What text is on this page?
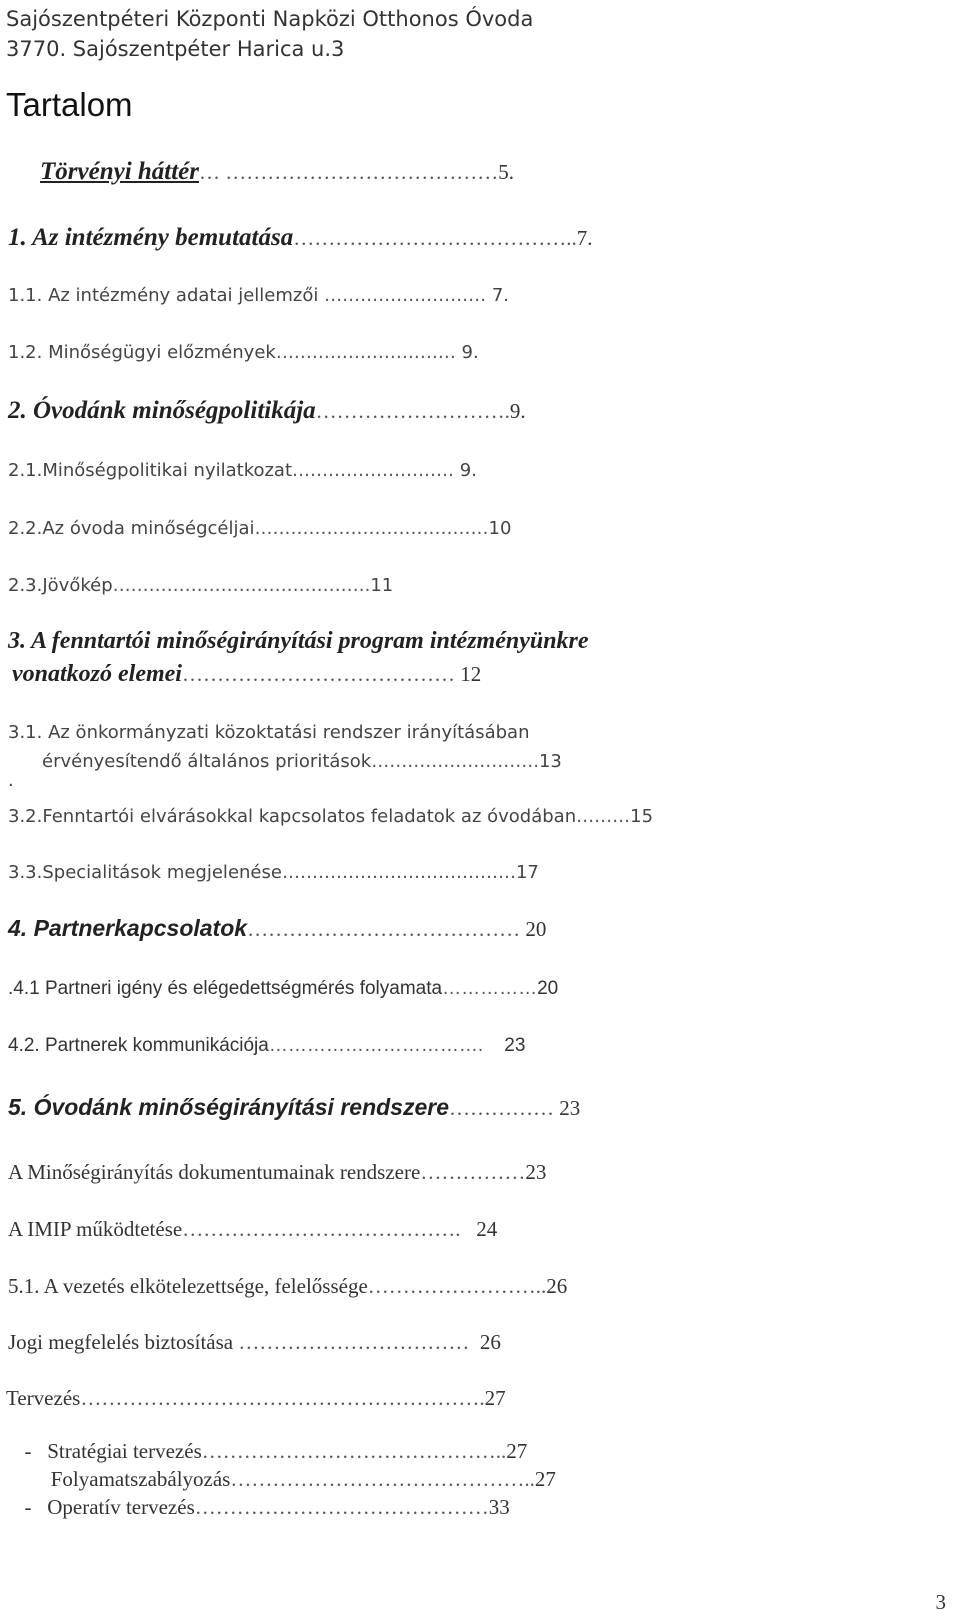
Sajószentpéteri Központi Napközi Otthonos Óvoda
3770. Sajószentpéter Harica u.3
Tartalom
Törvényi háttér… …………………………………5.
1. Az intézmény bemutatása…………………………………..7.
1.1. Az intézmény adatai jellemzői ……………………… 7.
1.2. Minőségügyi előzmények………………………… 9.
2. Óvodánk minőségpolitikája……………………….9.
2.1.Minőségpolitikai nyilatkozat……………………… 9.
2.2.Az óvoda minőségcéljai…………………………………10
2.3.Jövőkép…………………………………….11
3. A fenntartói minőségirányítási program intézményünkre
vonatkozó elemei………………………………… 12
3.1. Az önkormányzati közoktatási rendszer irányításában
érvényesítendő általános prioritások……………………….13
.
3.2.Fenntartói elvárásokkal kapcsolatos feladatok az óvodában………15
3.3.Specialitások megjelenése…………………………………17
4. Partnerkapcsolatok………………………………… 20
.4.1 Partneri igény és elégedettségmérés folyamata……………20
4.2. Partnerek kommunikációja……………………………. 23
5. Óvodánk minőségirányítási rendszere…………… 23
A Minőségirányítás dokumentumainak rendszere……………23
A IMIP működtetése…………………………………. 24
5.1. A vezetés elkötelezettsége, felelőssége……………………..26
Jogi megfelelés biztosítása …………………………… 26
Tervezés………………………………………………….27

-   Stratégiai tervezés……………………………………..27

Folyamatszabályozás……………………………………..27

-   Operatív tervezés……………………………………33

3
